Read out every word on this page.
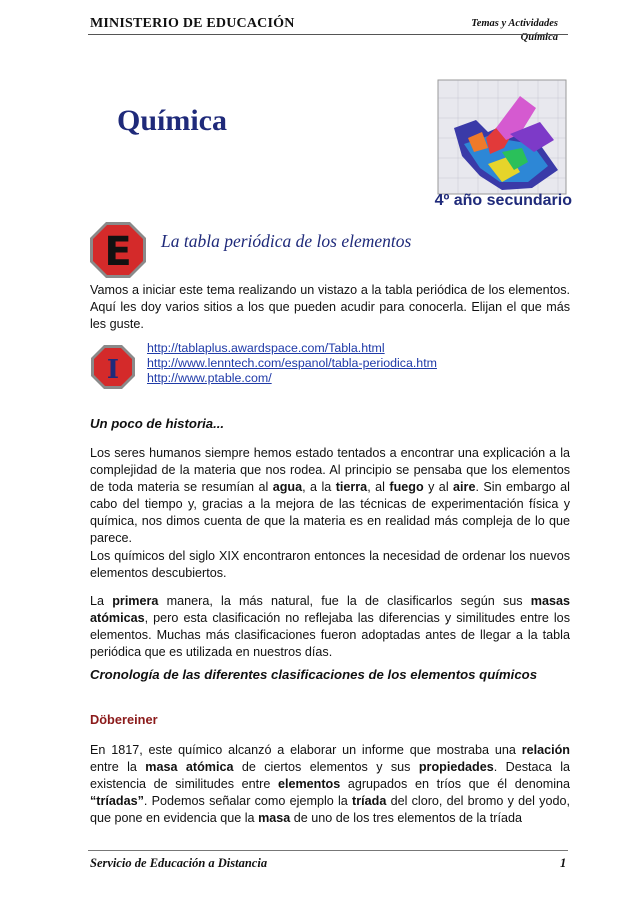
MINISTERIO DE EDUCACIÓN	Temas y Actividades
Química
Química
4º año secundario
E La tabla periódica de los elementos
Vamos a iniciar este tema realizando un vistazo a la tabla periódica de los elementos. Aquí les doy varios sitios a los que pueden acudir para conocerla. Elijan el que más les guste.
I
http://tablaplus.awardspace.com/Tabla.html
http://www.lenntech.com/espanol/tabla-periodica.htm
http://www.ptable.com/
Un poco de historia...
Los seres humanos siempre hemos estado tentados a encontrar una explicación a la complejidad de la materia que nos rodea. Al principio se pensaba que los elementos de toda materia se resumían al agua, a la tierra, al fuego y al aire. Sin embargo al cabo del tiempo y, gracias a la mejora de las técnicas de experimentación física y química, nos dimos cuenta de que la materia es en realidad más compleja de lo que parece.
Los químicos del siglo XIX encontraron entonces la necesidad de ordenar los nuevos elementos descubiertos.
La primera manera, la más natural, fue la de clasificarlos según sus masas atómicas, pero esta clasificación no reflejaba las diferencias y similitudes entre los elementos. Muchas más clasificaciones fueron adoptadas antes de llegar a la tabla periódica que es utilizada en nuestros días.
Cronología de las diferentes clasificaciones de los elementos químicos
Döbereiner
En 1817, este químico alcanzó a elaborar un informe que mostraba una relación entre la masa atómica de ciertos elementos y sus propiedades. Destaca la existencia de similitudes entre elementos agrupados en tríos que él denomina “tríadas”. Podemos señalar como ejemplo la tríada del cloro, del bromo y del yodo, que pone en evidencia que la masa de uno de los tres elementos de la tríada
Servicio de Educación a Distancia	1
